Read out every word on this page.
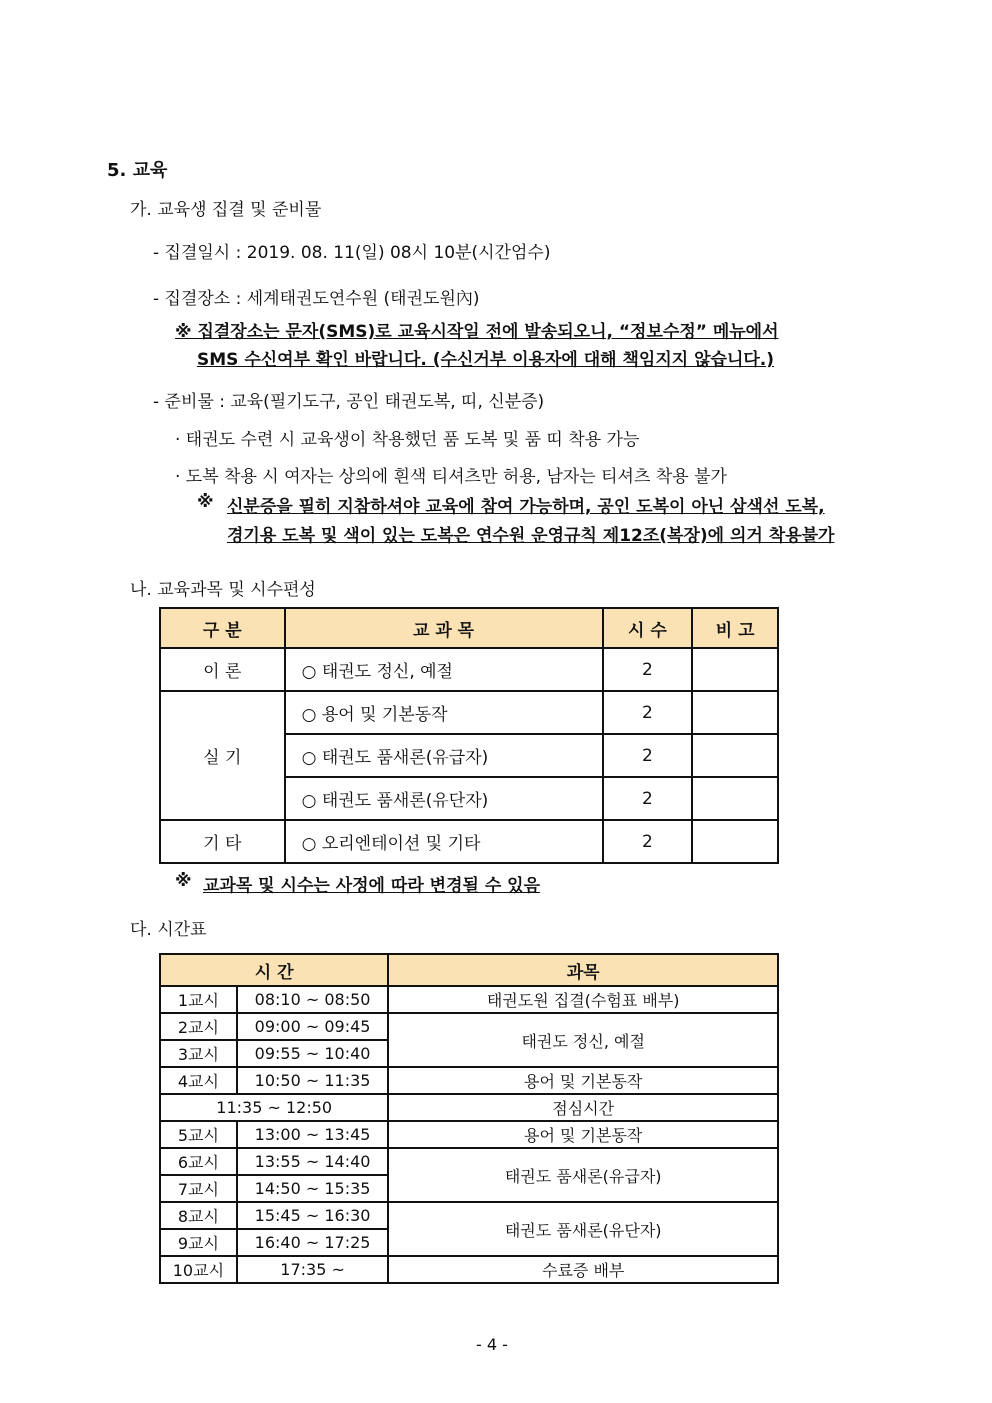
5. 교육
가. 교육생 집결 및 준비물
- 집결일시 : 2019. 08. 11(일) 08시 10분(시간엄수)
- 집결장소 : 세계태권도연수원 (태권도원內)
※ 집결장소는 문자(SMS)로 교육시작일 전에 발송되오니, “정보수정” 메뉴에서
SMS 수신여부 확인 바랍니다. (수신거부 이용자에 대해 책임지지 않습니다.)
- 준비물 : 교육(필기도구, 공인 태권도복, 띠, 신분증)
· 태권도 수련 시 교육생이 착용했던 품 도복 및 품 띠 착용 가능
· 도복 착용 시 여자는 상의에 흰색 티셔츠만 허용, 남자는 티셔츠 착용 불가
※ 신분증을 필히 지참하셔야 교육에 참여 가능하며, 공인 도복이 아닌 삼색선 도복,
경기용 도복 및 색이 있는 도복은 연수원 운영규칙 제12조(복장)에 의거 착용불가
나. 교육과목 및 시수편성
구 분	교 과 목	시 수	비 고
이 론	○ 태권도 정신, 예절	2	
실 기	○ 용어 및 기본동작	2	
	○ 태권도 품새론(유급자)	2	
	○ 태권도 품새론(유단자)	2	
기 타	○ 오리엔테이션 및 기타	2	
※ 교과목 및 시수는 사정에 따라 변경될 수 있음
다. 시간표
시 간		과목
1교시	08:10 ~ 08:50	태권도원 집결(수험표 배부)
2교시	09:00 ~ 09:45	태권도 정신, 예절
3교시	09:55 ~ 10:40	
4교시	10:50 ~ 11:35	용어 및 기본동작
11:35 ~ 12:50		점심시간
5교시	13:00 ~ 13:45	용어 및 기본동작
6교시	13:55 ~ 14:40	태권도 품새론(유급자)
7교시	14:50 ~ 15:35	
8교시	15:45 ~ 16:30	태권도 품새론(유단자)
9교시	16:40 ~ 17:25	
10교시	17:35 ~	수료증 배부
- 4 -
